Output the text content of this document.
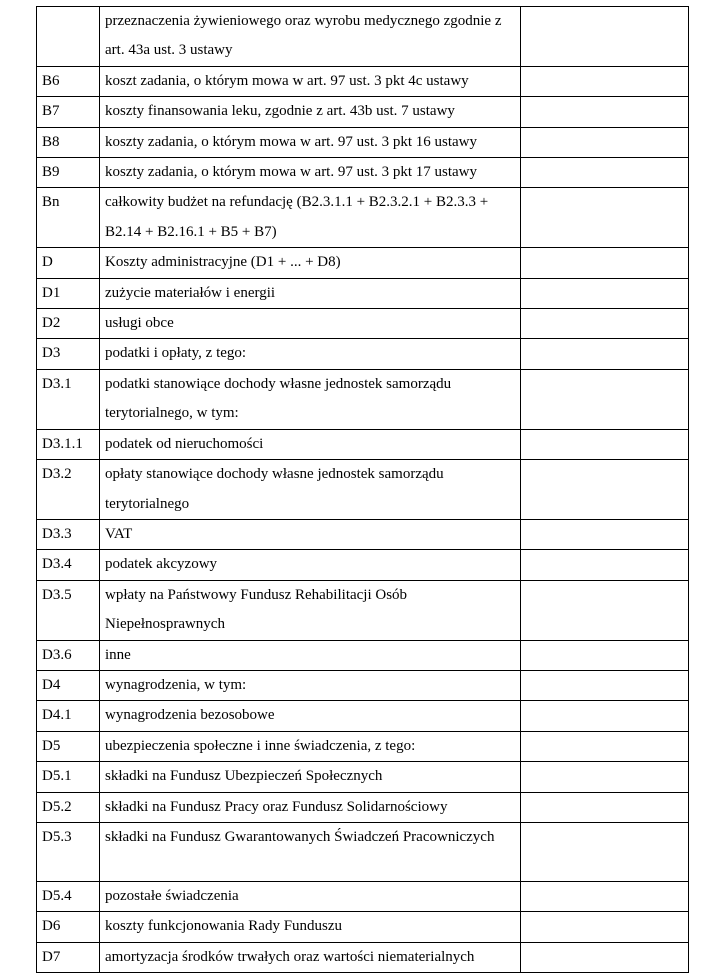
	przeznaczenia żywieniowego oraz wyrobu medycznego zgodnie z art. 43a ust. 3 ustawy	
B6	koszt zadania, o którym mowa w art. 97 ust. 3 pkt 4c ustawy	
B7	koszty finansowania leku, zgodnie z art. 43b ust. 7 ustawy	
B8	koszty zadania, o którym mowa w art. 97 ust. 3 pkt 16 ustawy	
B9	koszty zadania, o którym mowa w art. 97 ust. 3 pkt 17 ustawy	
Bn	całkowity budżet na refundację (B2.3.1.1 + B2.3.2.1 + B2.3.3 + B2.14 + B2.16.1 + B5 + B7)	
D	Koszty administracyjne (D1 + ... + D8)	
D1	zużycie materiałów i energii	
D2	usługi obce	
D3	podatki i opłaty, z tego:	
D3.1	podatki stanowiące dochody własne jednostek samorządu terytorialnego, w tym:	
D3.1.1	podatek od nieruchomości	
D3.2	opłaty stanowiące dochody własne jednostek samorządu terytorialnego	
D3.3	VAT	
D3.4	podatek akcyzowy	
D3.5	wpłaty na Państwowy Fundusz Rehabilitacji Osób Niepełnosprawnych	
D3.6	inne	
D4	wynagrodzenia, w tym:	
D4.1	wynagrodzenia bezosobowe	
D5	ubezpieczenia społeczne i inne świadczenia, z tego:	
D5.1	składki na Fundusz Ubezpieczeń Społecznych	
D5.2	składki na Fundusz Pracy oraz Fundusz Solidarnościowy	
D5.3	składki na Fundusz Gwarantowanych Świadczeń Pracowniczych	
D5.4	pozostałe świadczenia	
D6	koszty funkcjonowania Rady Funduszu	
D7	amortyzacja środków trwałych oraz wartości niematerialnych	
